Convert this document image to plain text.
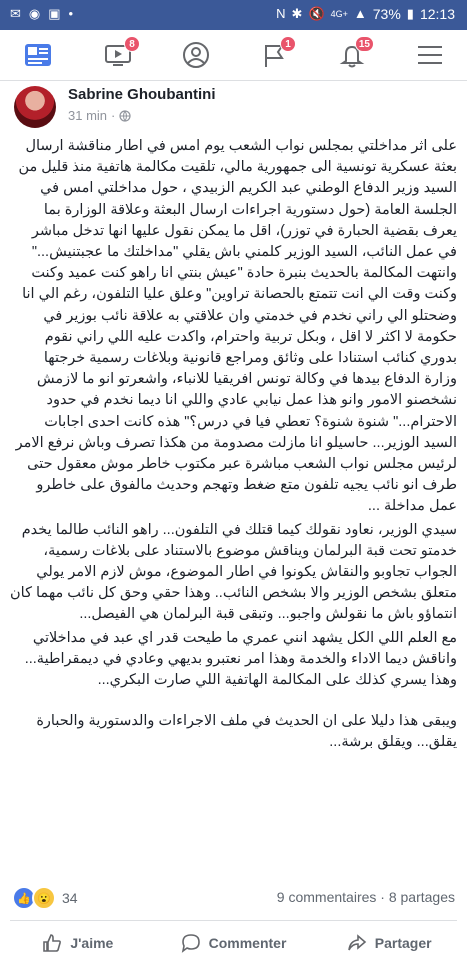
✉ ◉ ▣ •	N ✱ 🔇 4G+ ▲ 73% ▮ 12:13
8	1	15
Sabrine Ghoubantini
31 min ·

على اثر مداخلتي بمجلس نواب الشعب يوم امس في اطار مناقشة ارسال بعثة عسكرية تونسية الى جمهورية مالي، تلقيت مكالمة هاتفية منذ قليل من السيد وزير الدفاع الوطني عبد الكريم الزبيدي ، حول مداخلتي امس في الجلسة العامة (حول دستورية اجراءات ارسال البعثة وعلاقة الوزارة بما يعرف بقضية الحبارة في توزر)، اقل ما يمكن نقول عليها انها تدخل مباشر في عمل النائب، السيد الوزير كلمني باش يقلي "مداخلتك ما عجبتنيش..." وانتهت المكالمة بالحديث بنبرة حادة "عيش بنتي انا راهو كنت عميد وكنت وكنت وقت الي انت تتمتع بالحصانة تراوين" وعلق عليا التلفون، رغم الي انا وضحتلو الي راني نخدم في خدمتي وان علاقتي به علاقة نائب بوزير في حكومة لا اكثر لا اقل ، وبكل تربية واحترام، واكدت عليه اللي راني نقوم بدوري كنائب استنادا على وثائق ومراجع قانونية وبلاغات رسمية خرجتها وزارة الدفاع بيدها في وكالة تونس افريقيا للانباء، واشعرتو انو ما لازمش نشخصنو الامور وانو هذا عمل نيابي عادي واللي انا ديما نخدم في حدود الاحترام..." شنوة شنوة؟ تعطي فيا في درس؟" هذه كانت احدى اجابات السيد الوزير... حاسيلو انا مازلت مصدومة من هكذا تصرف وباش نرفع الامر لرئيس مجلس نواب الشعب مباشرة عبر مكتوب خاطر موش معقول حتى طرف انو نائب يجيه تلفون متع ضغط وتهجم وحديث مالفوق على خاطرو عمل مداخلة ...

سيدي الوزير، نعاود نقولك كيما قتلك في التلفون... راهو النائب طالما يخدم خدمتو تحت قبة البرلمان ويناقش موضوع بالاستناد على بلاغات رسمية، الجواب تجاوبو والنقاش يكونوا في اطار الموضوع، موش لازم الامر يولي متعلق بشخص الوزير والا بشخص النائب.. وهذا حقي وحق كل نائب مهما كان انتماؤو باش ما نقولش واجبو... وتبقى قبة البرلمان هي الفيصل...

مع العلم اللي الكل يشهد انني عمري ما طيحت قدر اي عبد في مداخلاتي واناقش ديما الاداء والخدمة وهذا امر نعتبرو بديهي وعادي في ديمقراطية... وهذا يسري كذلك على المكالمة الهاتفية اللي صارت البكري...

ويبقى هذا دليلا على ان الحديث في ملف الاجراءات والدستورية والحبارة يقلق... ويقلق برشة...

👍 😮 34	9 commentaires · 8 partages
J'aime	Commenter	Partager
